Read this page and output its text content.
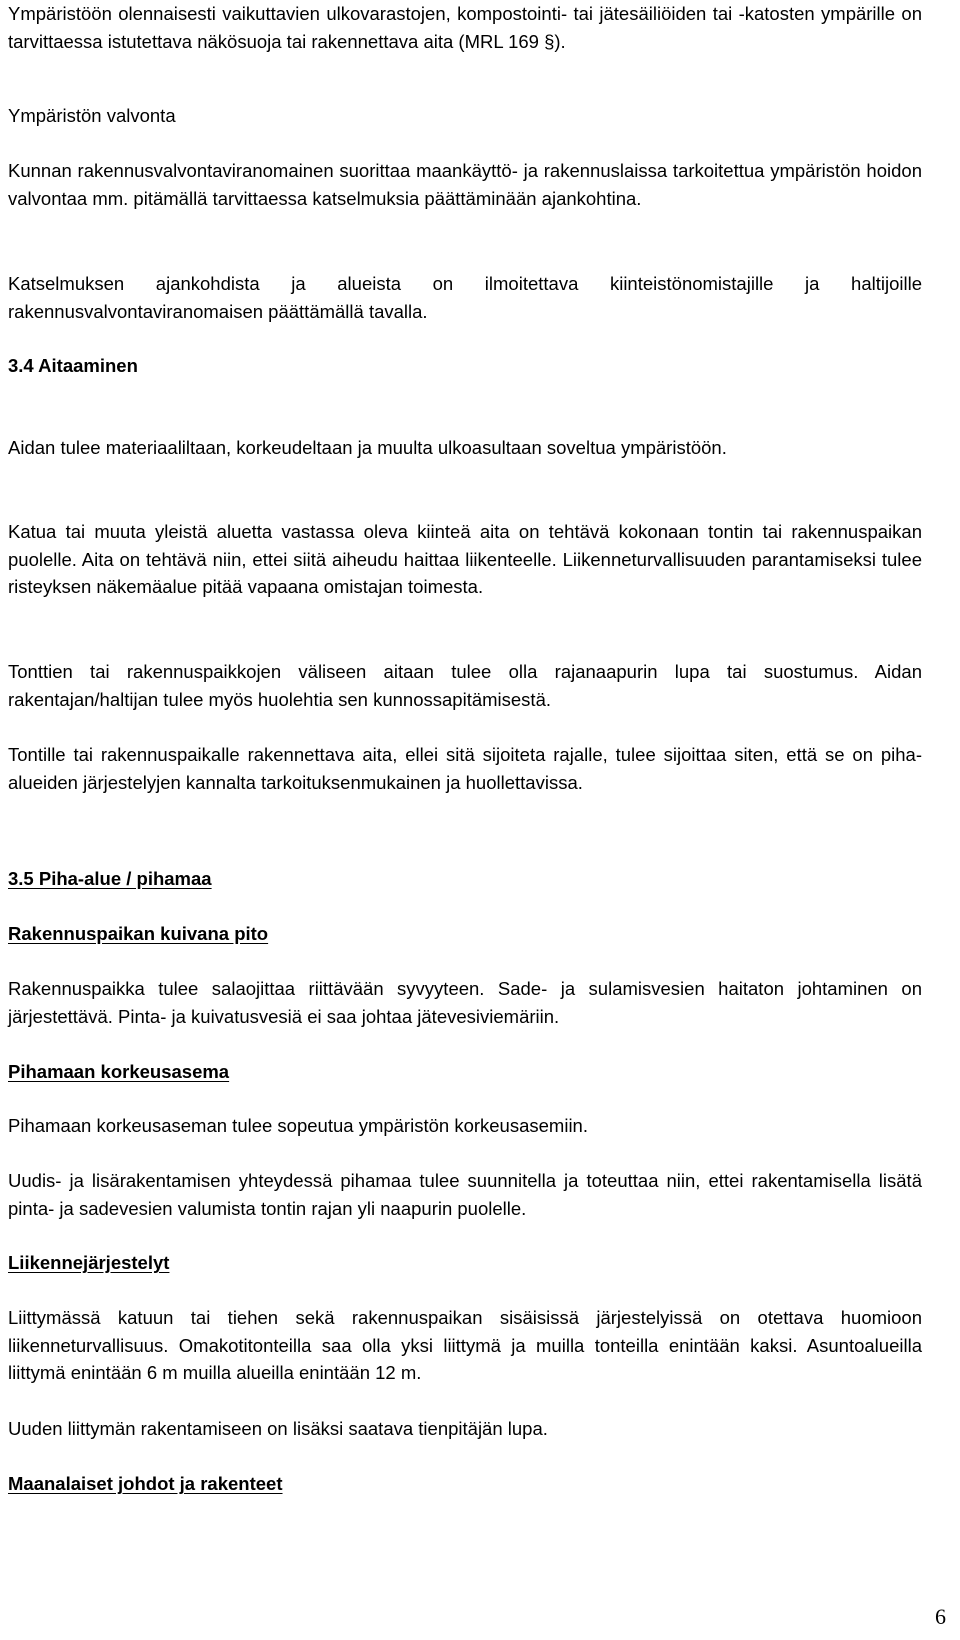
Ympäristöön olennaisesti vaikuttavien ulkovarastojen, kompostointi- tai jätesäiliöiden tai -katosten ympärille on tarvittaessa istutettava näkösuoja tai rakennettava aita (MRL 169 §).

Ympäristön valvonta

Kunnan rakennusvalvontaviranomainen suorittaa maankäyttö- ja rakennuslaissa tarkoitettua ympäristön hoidon valvontaa mm. pitämällä tarvittaessa katselmuksia päättäminään ajankohtina.

Katselmuksen ajankohdista ja alueista on ilmoitettava kiinteistönomistajille ja haltijoille rakennusvalvontaviranomaisen päättämällä tavalla.

3.4 Aitaaminen

Aidan tulee materiaaliltaan, korkeudeltaan ja muulta ulkoasultaan soveltua ympäristöön.

Katua tai muuta yleistä aluetta vastassa oleva kiinteä aita on tehtävä kokonaan tontin tai rakennuspaikan puolelle. Aita on tehtävä niin, ettei siitä aiheudu haittaa liikenteelle. Liikenneturvallisuuden parantamiseksi tulee risteyksen näkemäalue pitää vapaana omistajan toimesta.

Tonttien tai rakennuspaikkojen väliseen aitaan tulee olla rajanaapurin lupa tai suostumus. Aidan rakentajan/haltijan tulee myös huolehtia sen kunnossapitämisestä.

Tontille tai rakennuspaikalle rakennettava aita, ellei sitä sijoiteta rajalle, tulee sijoittaa siten, että se on piha-alueiden järjestelyjen kannalta tarkoituksenmukainen ja huollettavissa.

3.5 Piha-alue / pihamaa

Rakennuspaikan kuivana pito

Rakennuspaikka tulee salaojittaa riittävään syvyyteen. Sade- ja sulamisvesien haitaton johtaminen on järjestettävä. Pinta- ja kuivatusvesiä ei saa johtaa jätevesiviemäriin.

Pihamaan korkeusasema

Pihamaan korkeusaseman tulee sopeutua ympäristön korkeusasemiin.

Uudis- ja lisärakentamisen yhteydessä pihamaa tulee suunnitella ja toteuttaa niin, ettei rakentamisella lisätä pinta- ja sadevesien valumista tontin rajan yli naapurin puolelle.

Liikennejärjestelyt

Liittymässä katuun tai tiehen sekä rakennuspaikan sisäisissä järjestelyissä on otettava huomioon liikenneturvallisuus. Omakotitonteilla saa olla yksi liittymä ja muilla tonteilla enintään kaksi. Asuntoalueilla liittymä enintään 6 m muilla alueilla enintään 12 m.

Uuden liittymän rakentamiseen on lisäksi saatava tienpitäjän lupa.

Maanalaiset johdot ja rakenteet

6
